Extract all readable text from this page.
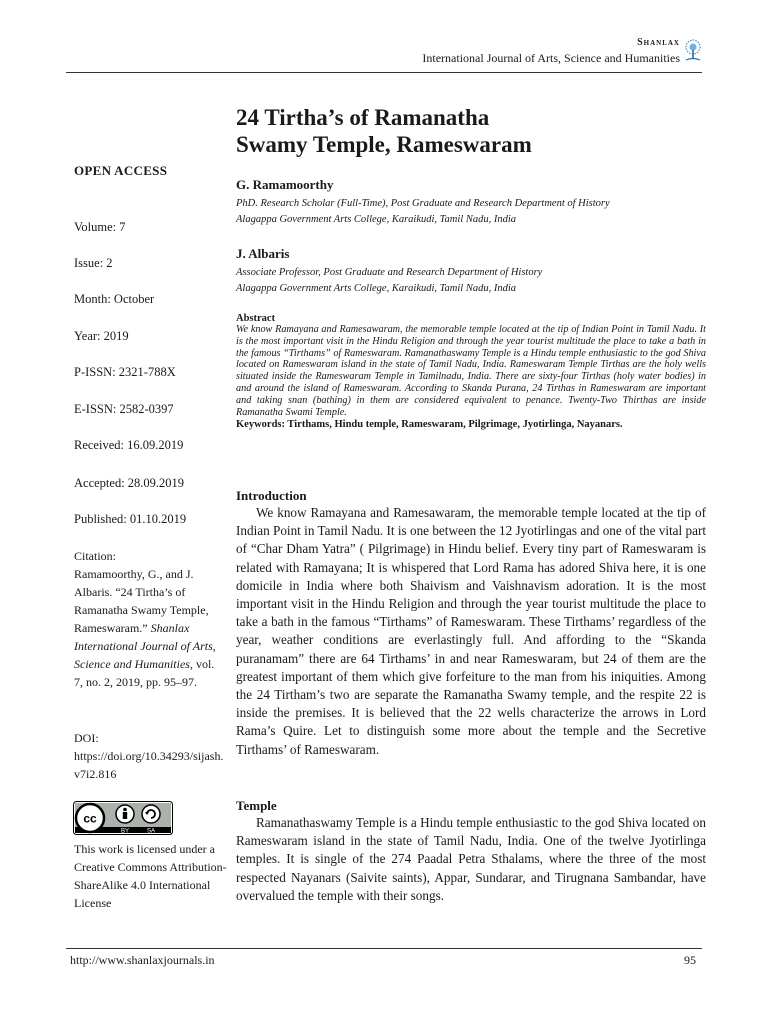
Shanlax
International Journal of Arts, Science and Humanities
OPEN ACCESS
Volume: 7
Issue: 2
Month: October
Year: 2019
P-ISSN: 2321-788X
E-ISSN: 2582-0397
Received: 16.09.2019
Accepted: 28.09.2019
Published: 01.10.2019
Citation:
Ramamoorthy, G., and J. Albaris. “24 Tirtha’s of Ramanatha Swamy Temple, Rameswaram.” Shanlax International Journal of Arts, Science and Humanities, vol. 7, no. 2, 2019, pp. 95–97.
DOI:
https://doi.org/10.34293/sijash.v7i2.816
cc
BY	SA
This work is licensed under a Creative Commons Attribution-ShareAlike 4.0 International License
24 Tirtha’s of Ramanatha
Swamy Temple, Rameswaram
G. Ramamoorthy
PhD. Research Scholar (Full-Time), Post Graduate and Research Department of History
Alagappa Government Arts College, Karaikudi, Tamil Nadu, India
J. Albaris
Associate Professor, Post Graduate and Research Department of History
Alagappa Government Arts College, Karaikudi, Tamil Nadu, India
Abstract
We know Ramayana and Ramesawaram, the memorable temple located at the tip of Indian Point in Tamil Nadu. It is the most important visit in the Hindu Religion and through the year tourist multitude the place to take a bath in the famous “Tirthams” of Rameswaram. Ramanathaswamy Temple is a Hindu temple enthusiastic to the god Shiva located on Rameswaram island in the state of Tamil Nadu, India. Rameswaram Temple Tirthas are the holy wells situated inside the Rameswaram Temple in Tamilnadu, India. There are sixty-four Tirthas (holy water bodies) in and around the island of Rameswaram. According to Skanda Purana, 24 Tirthas in Rameswaram are important and taking snan (bathing) in them are considered equivalent to penance. Twenty-Two Thirthas are inside Ramanatha Swami Temple.
Keywords: Tirthams, Hindu temple, Rameswaram, Pilgrimage, Jyotirlinga, Nayanars.
Introduction
We know Ramayana and Ramesawaram, the memorable temple located at the tip of Indian Point in Tamil Nadu. It is one between the 12 Jyotirlingas and one of the vital part of “Char Dham Yatra” ( Pilgrimage) in Hindu belief. Every tiny part of Rameswaram is related with Ramayana; It is whispered that Lord Rama has adored Shiva here, it is one domicile in India where both Shaivism and Vaishnavism adoration. It is the most important visit in the Hindu Religion and through the year tourist multitude the place to take a bath in the famous “Tirthams” of Rameswaram. These Tirthams’ regardless of the year, weather conditions are everlastingly full. And affording to the “Skanda puranamam” there are 64 Tirthams’ in and near Rameswaram, but 24 of them are the greatest important of them which give forfeiture to the man from his iniquities. Among the 24 Tirtham’s two are separate the Ramanatha Swamy temple, and the respite 22 is inside the premises. It is believed that the 22 wells characterize the arrows in Lord Rama’s Quire. Let to distinguish some more about the temple and the Secretive Tirthams’ of Rameswaram.
Temple
Ramanathaswamy Temple is a Hindu temple enthusiastic to the god Shiva located on Rameswaram island in the state of Tamil Nadu, India. One of the twelve Jyotirlinga temples. It is single of the 274 Paadal Petra Sthalams, where the three of the most respected Nayanars (Saivite saints), Appar, Sundarar, and Tirugnana Sambandar, have overvalued the temple with their songs.
http://www.shanlaxjournals.in	95
